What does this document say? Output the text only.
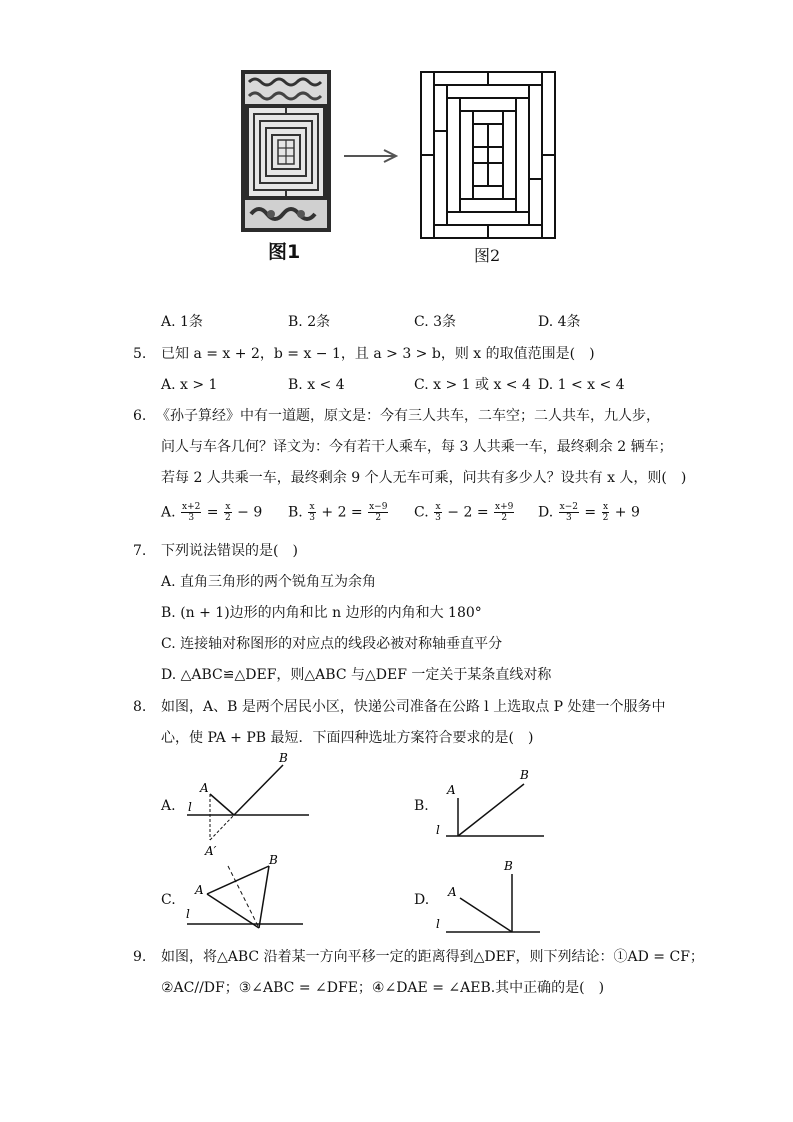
图1	图2
A. 1条	B. 2条	C. 3条	D. 4条
5. 已知 a = x + 2，b = x − 1，且 a > 3 > b，则 x 的取值范围是(　)
A. x > 1	B. x < 4	C. x > 1 或 x < 4 D. 1 < x < 4
6. 《孙子算经》中有一道题，原文是：今有三人共车，二车空；二人共车，九人步，
问人与车各几何？译文为：今有若干人乘车，每 3 人共乘一车，最终剩余 2 辆车；
若每 2 人共乘一车，最终剩余 9 个人无车可乘，问共有多少人？设共有 x 人，则(　)
A. $\frac{x+2}{3} = \frac{x}{2} - 9$ B. $\frac{x}{3} + 2 = \frac{x-9}{2} C$. $\frac{x}{3} - 2 = \frac{x+9}{2} D$. $\frac{x-2}{3} = \frac{x}{2} + 9$
7. 下列说法错误的是(　)
A. 直角三角形的两个锐角互为余角
B. (n + 1)边形的内角和比 n 边形的内角和大 180°
C. 连接轴对称图形的对应点的线段必被对称轴垂直平分
D. △ABC≌△DEF，则△ABC 与△DEF 一定关于某条直线对称
8. 如图，A、B 是两个居民小区，快递公司准备在公路 l 上选取点 P 处建一个服务中
心，使 PA + PB 最短．下面四种选址方案符合要求的是(　)
A.
A
B
l
A′
B.
A
B
l
C.
A
B
l
D. A
B
l
9. 如图，将△ABC 沿着某一方向平移一定的距离得到△DEF，则下列结论：①AD = CF；
②AC//DF；③∠ABC = ∠DFE；④∠DAE = ∠AEB.其中正确的是(　)
